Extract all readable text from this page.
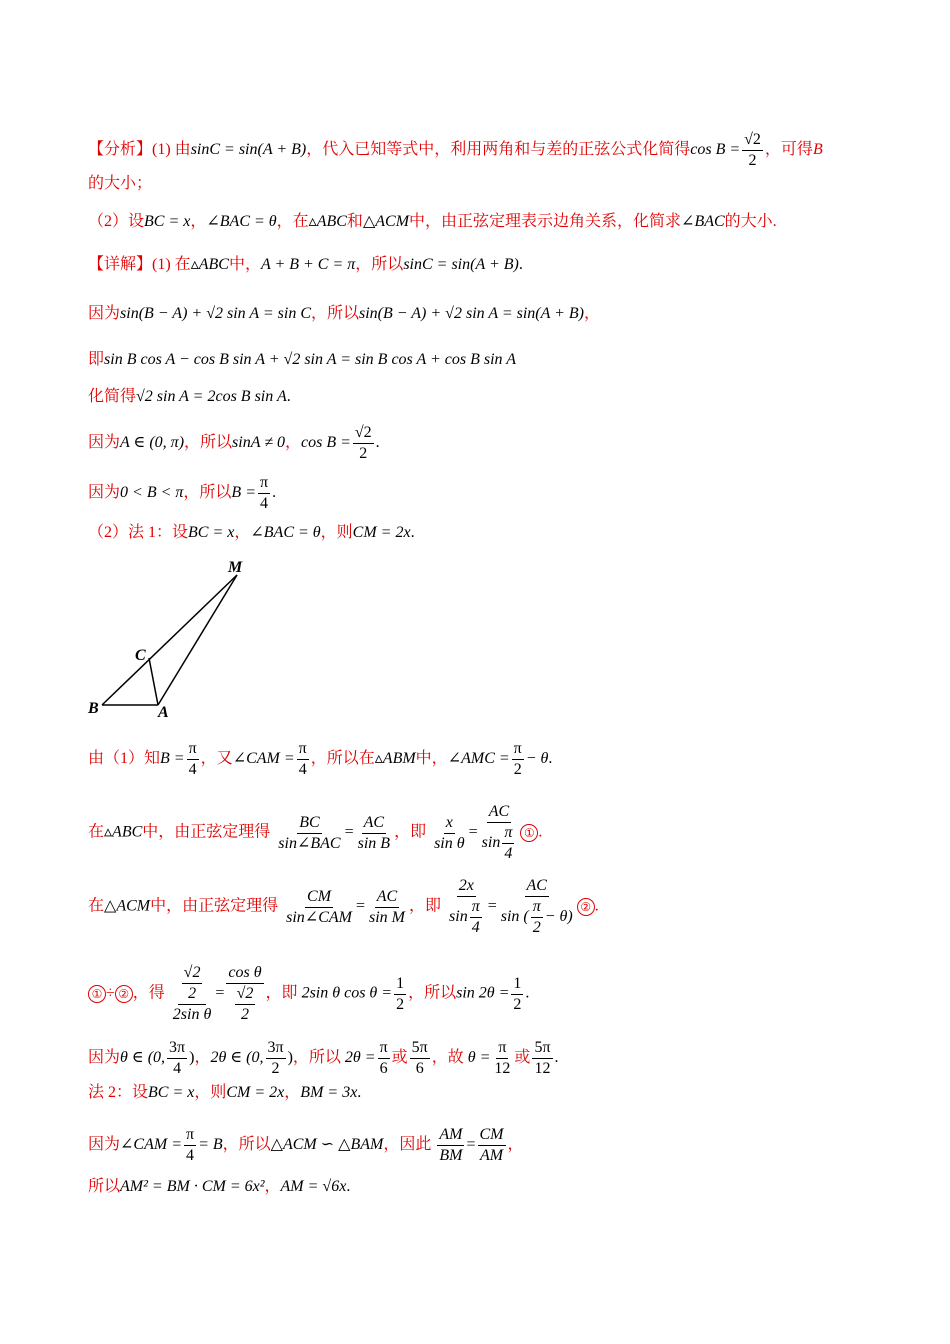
【分析】(1) 由sinC = sin(A + B)，代入已知等式中，利用两角和与差的正弦公式化简得$\cos B = \frac{√2}{2}$ ，可得B
的大小；
（2）设BC = x，∠BAC = θ，在▵ABC和△ACM中，由正弦定理表示边角关系，化简求∠BAC的大小.
【详解】(1) 在▵ABC中，A + B + C = π，所以sinC = sin(A + B).
因为sin(B − A) + √2 sin A = sin C，所以sin(B − A) + √2 sin A = sin(A + B)，
即sin B cos A − cos B sin A + √2 sin A = sin B cos A + cos B sin A
化简得√2 sin A = 2cos B sin A.
因为A ∈ (0, π)，所以sinA ≠ 0，$\cos B = \frac{√2}{2}$ .
因为0 < B < π，所以$B = \frac{\pi}{4}$ .
（2）法 1：设BC = x，∠BAC = θ，则CM = 2x.
M
C
B	A
由（1）知$B = \frac{\pi}{4}$ ，又∠CAM = $\frac{\pi}{4}$ ，所以在▵ABM中，∠AMC = $\frac{\pi}{2} - \theta$.
在▵ABC中，由正弦定理得 $\frac{BC}{\text{sin∠BAC}} = \frac{AC}{\text{sin B}}$ ，即 $\frac{x}{\text{sin θ}} = \frac{AC}{\sin \frac{\pi}{4}}$ ① .
在△ACM中，由正弦定理得 $\frac{CM}{\text{sin∠CAM}} = \frac{AC}{\text{sin M}}$ ，即 $\frac{2x}{\sin \frac{\pi}{4}} = \frac{AC}{\sin ( \frac{\pi}{2} - \theta)}$ ② .
① ÷ ② ，得 $\frac{\frac{√2}{2}}{\text{2sin θ}} = \frac{\text{cos θ}}{\frac{√2}{2}}$ ，即 2sin θ $\cos \theta = \frac{1}{2}$ ，所以$\sin 2\theta = \frac{1}{2}$ .
因为θ ∈ (0, $\frac{3\pi}{4}$ )，2θ ∈ (0, $\frac{3\pi}{2}$ )，所以 $2\theta = \frac{\pi}{6}$ 或 $\frac{5\pi}{6}$ ，故 $\theta = \frac{\pi}{12}$ 或 $\frac{5\pi}{12}$ .
法 2：设BC = x，则CM = 2x，BM = 3x.
因为∠CAM = $\frac{\pi}{4} = B$，所以△ACM ∽ △BAM，因此 $\frac{AM}{BM} = \frac{CM}{AM}$ ，
所以AM² = BM · CM = 6x²，AM = √6x.
